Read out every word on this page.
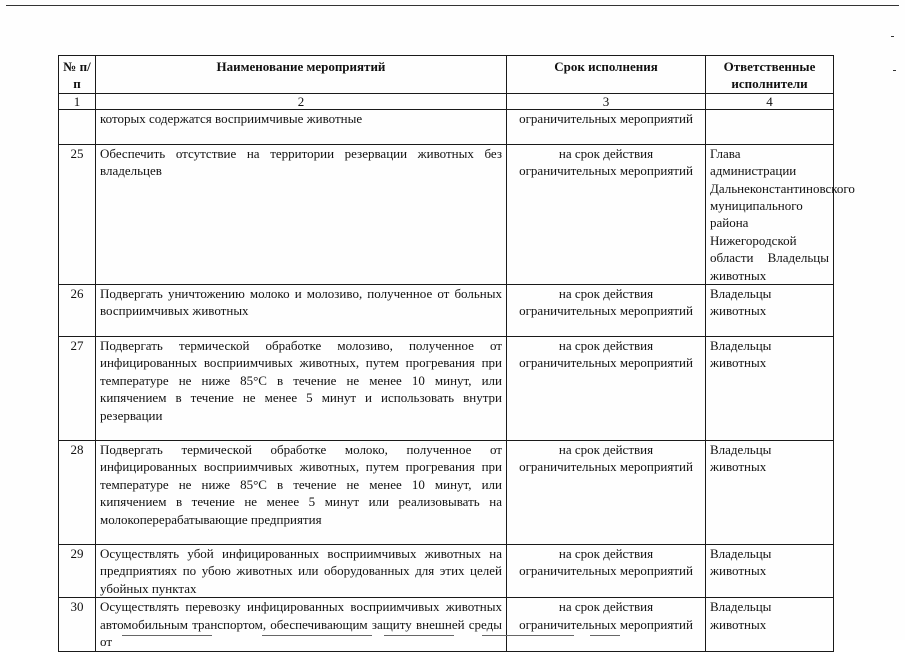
№ п/п	Наименование мероприятий	Срок исполнения	Ответственные исполнители
1	2	3	4
	которых содержатся восприимчивые животные	ограничительных мероприятий	
25	Обеспечить отсутствие на территории резервации животных без владельцев	на срок действия ограничительных мероприятий	Глава администрации Дальнеконстантиновского муниципального района Нижегородской области Владельцы животных
26	Подвергать уничтожению молоко и молозиво, полученное от больных восприимчивых животных	на срок действия ограничительных мероприятий	Владельцы животных
27	Подвергать термической обработке молозиво, полученное от инфицированных восприимчивых животных, путем прогревания при температуре не ниже 85°С в течение не менее 10 минут, или кипячением в течение не менее 5 минут и использовать внутри резервации	на срок действия ограничительных мероприятий	Владельцы животных
28	Подвергать термической обработке молоко, полученное от инфицированных восприимчивых животных, путем прогревания при температуре не ниже 85°С в течение не менее 10 минут, или кипячением в течение не менее 5 минут или реализовывать на молокоперерабатывающие предприятия	на срок действия ограничительных мероприятий	Владельцы животных
29	Осуществлять убой инфицированных восприимчивых животных на предприятиях по убою животных или оборудованных для этих целей убойных пунктах	на срок действия ограничительных мероприятий	Владельцы животных
30	Осуществлять перевозку инфицированных восприимчивых животных автомобильным транспортом, обеспечивающим защиту внешней среды от	на срок действия ограничительных мероприятий	Владельцы животных
